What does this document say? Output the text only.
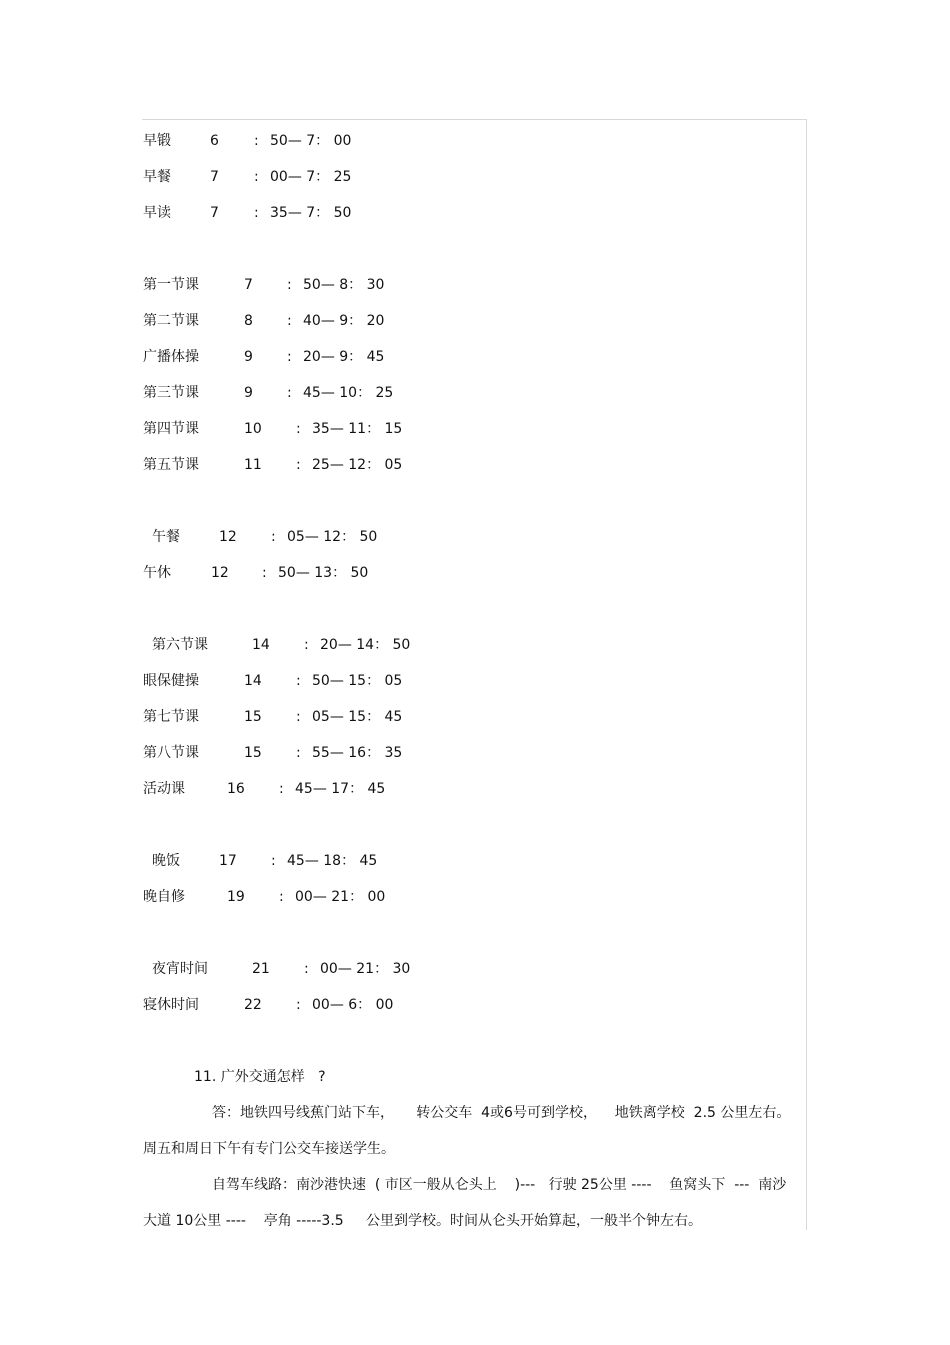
早锻	6	: 50— 7： 00
早餐	7	: 00— 7： 25
早读	7	: 35— 7： 50
第一节课	7 : 50— 8： 30
第二节课	8 : 40— 9： 20
广播体操	9 : 20— 9： 45
第三节课	9 : 45— 10： 25
第四节课	10 : 35— 11： 15
第五节课	11 : 25— 12： 05
午餐	12 : 05— 12： 50
午休	12 : 50— 13： 50
第六节课	14 : 20— 14： 50
眼保健操	14 : 50— 15： 05
第七节课	15 : 05— 15： 45
第八节课	15 : 55— 16： 35
活动课	16 : 45— 17： 45
晚饭	17 : 45— 18： 45
晚自修	19 : 00— 21： 00
夜宵时间	21 : 00— 21： 30
寝休时间	22 : 00— 6： 00
11. 广外交通怎样   ?
答：地铁四号线蕉门站下车，     转公交车  4或6号可到学校，    地铁离学校  2.5 公里左右。
周五和周日下午有专门公交车接送学生。
自驾车线路：南沙港快速  ( 市区一般从仑头上    )---   行驶 25公里 ----    鱼窝头下  ---  南沙
大道 10公里 ----    亭角 -----3.5     公里到学校。时间从仑头开始算起，一般半个钟左右。
